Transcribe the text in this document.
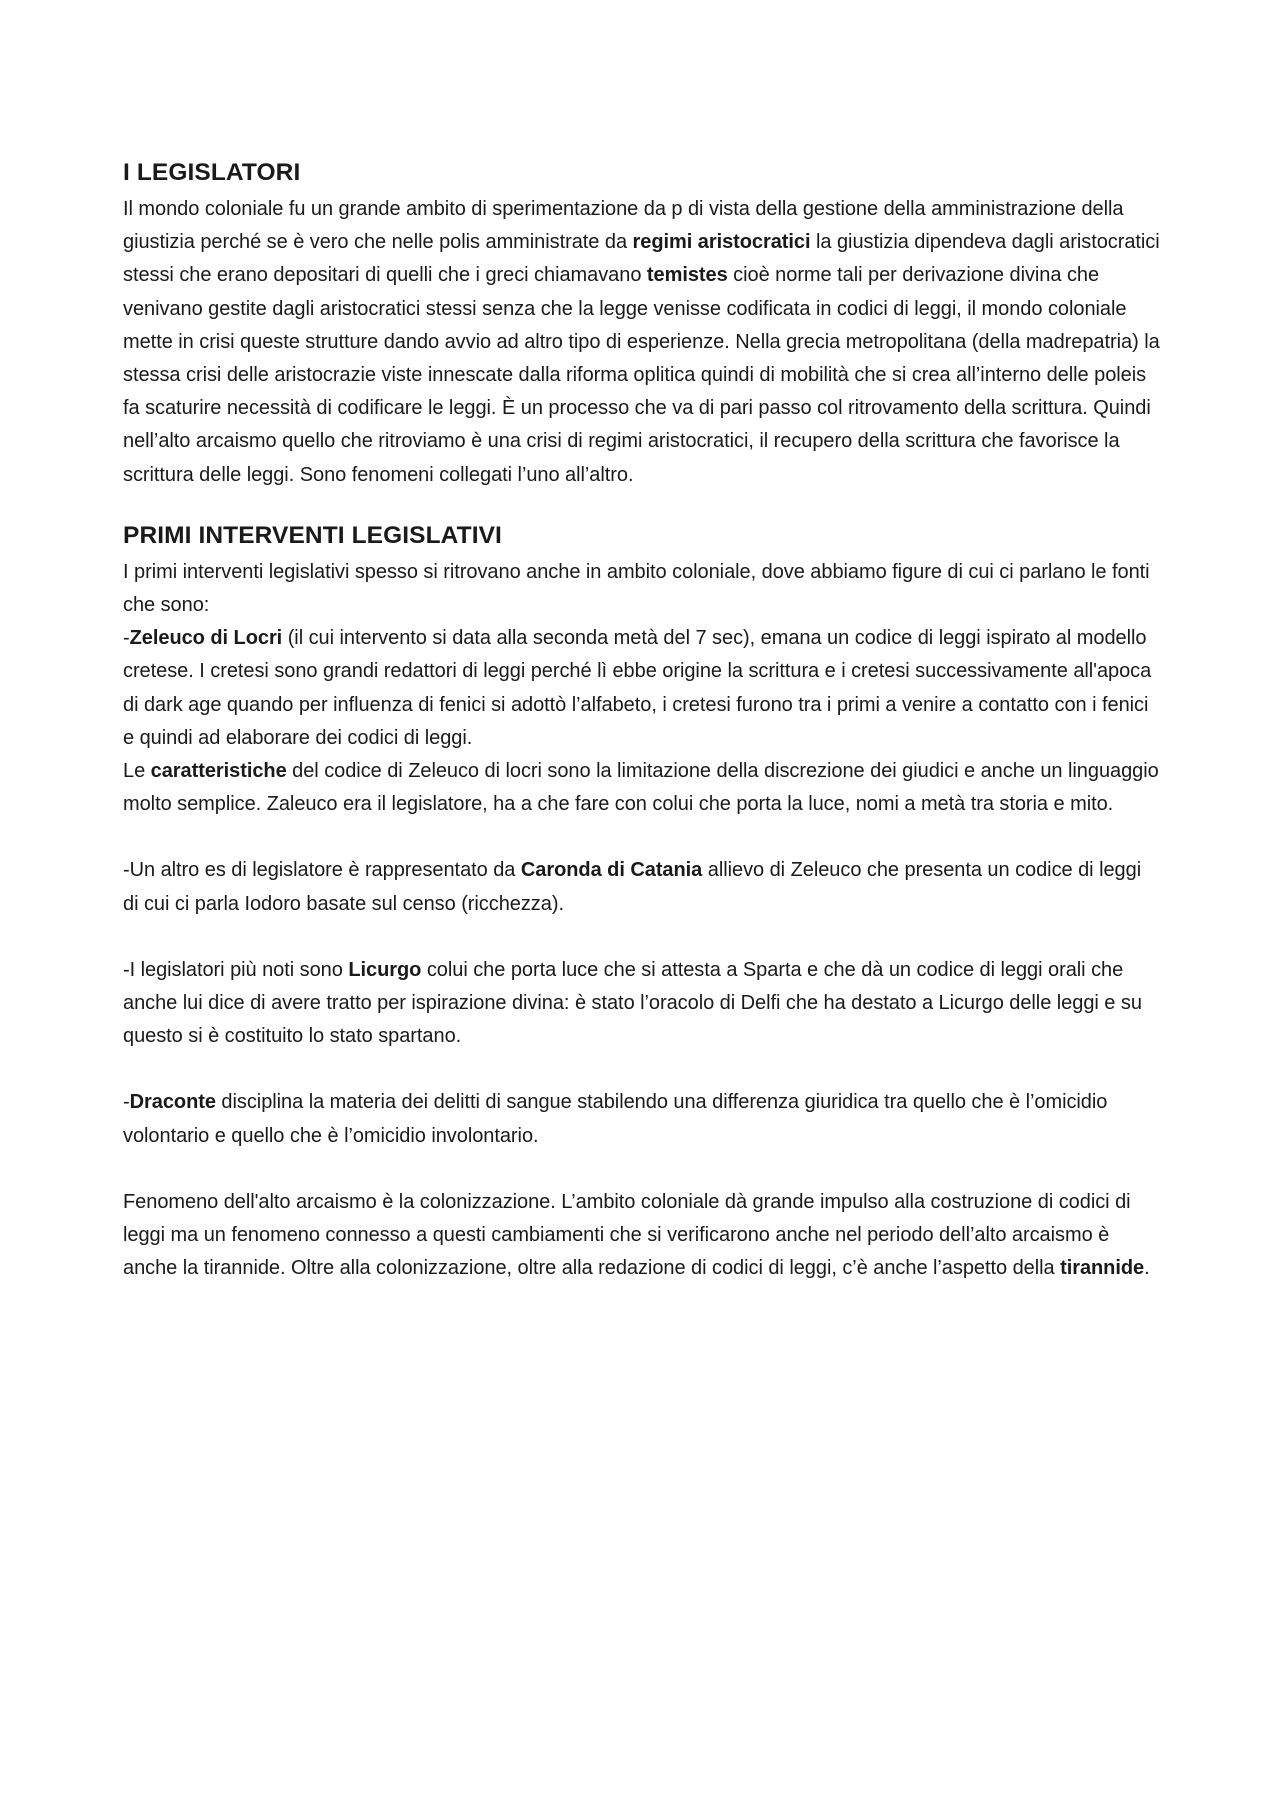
I LEGISLATORI

Il mondo coloniale fu un grande ambito di sperimentazione da p di vista della gestione della amministrazione della giustizia perché se è vero che nelle polis amministrate da regimi aristocratici la giustizia dipendeva dagli aristocratici stessi che erano depositari di quelli che i greci chiamavano temistes cioè norme tali per derivazione divina che venivano gestite dagli aristocratici stessi senza che la legge venisse codificata in codici di leggi, il mondo coloniale mette in crisi queste strutture dando avvio ad altro tipo di esperienze. Nella grecia metropolitana (della madrepatria) la stessa crisi delle aristocrazie viste innescate dalla riforma oplitica quindi di mobilità che si crea all’interno delle poleis fa scaturire necessità di codificare le leggi. È un processo che va di pari passo col ritrovamento della scrittura. Quindi nell’alto arcaismo quello che ritroviamo è una crisi di regimi aristocratici, il recupero della scrittura che favorisce la scrittura delle leggi. Sono fenomeni collegati l’uno all’altro.

PRIMI INTERVENTI LEGISLATIVI

I primi interventi legislativi spesso si ritrovano anche in ambito coloniale, dove abbiamo figure di cui ci parlano le fonti che sono:

-Zeleuco di Locri (il cui intervento si data alla seconda metà del 7 sec), emana un codice di leggi ispirato al modello cretese. I cretesi sono grandi redattori di leggi perché lì ebbe origine la scrittura e i cretesi successivamente all'apoca di dark age quando per influenza di fenici si adottò l’alfabeto, i cretesi furono tra i primi a venire a contatto con i fenici e quindi ad elaborare dei codici di leggi.

Le caratteristiche del codice di Zeleuco di locri sono la limitazione della discrezione dei giudici e anche un linguaggio molto semplice. Zaleuco era il legislatore, ha a che fare con colui che porta la luce, nomi a metà tra storia e mito.

-Un altro es di legislatore è rappresentato da Caronda di Catania allievo di Zeleuco che presenta un codice di leggi di cui ci parla Iodoro basate sul censo (ricchezza).

-I legislatori più noti sono Licurgo colui che porta luce che si attesta a Sparta e che dà un codice di leggi orali che anche lui dice di avere tratto per ispirazione divina: è stato l’oracolo di Delfi che ha destato a Licurgo delle leggi e su questo si è costituito lo stato spartano.

-Draconte disciplina la materia dei delitti di sangue stabilendo una differenza giuridica tra quello che è l’omicidio volontario e quello che è l’omicidio involontario.

Fenomeno dell'alto arcaismo è la colonizzazione. L’ambito coloniale dà grande impulso alla costruzione di codici di leggi ma un fenomeno connesso a questi cambiamenti che si verificarono anche nel periodo dell’alto arcaismo è anche la tirannide. Oltre alla colonizzazione, oltre alla redazione di codici di leggi, c’è anche l’aspetto della tirannide.
